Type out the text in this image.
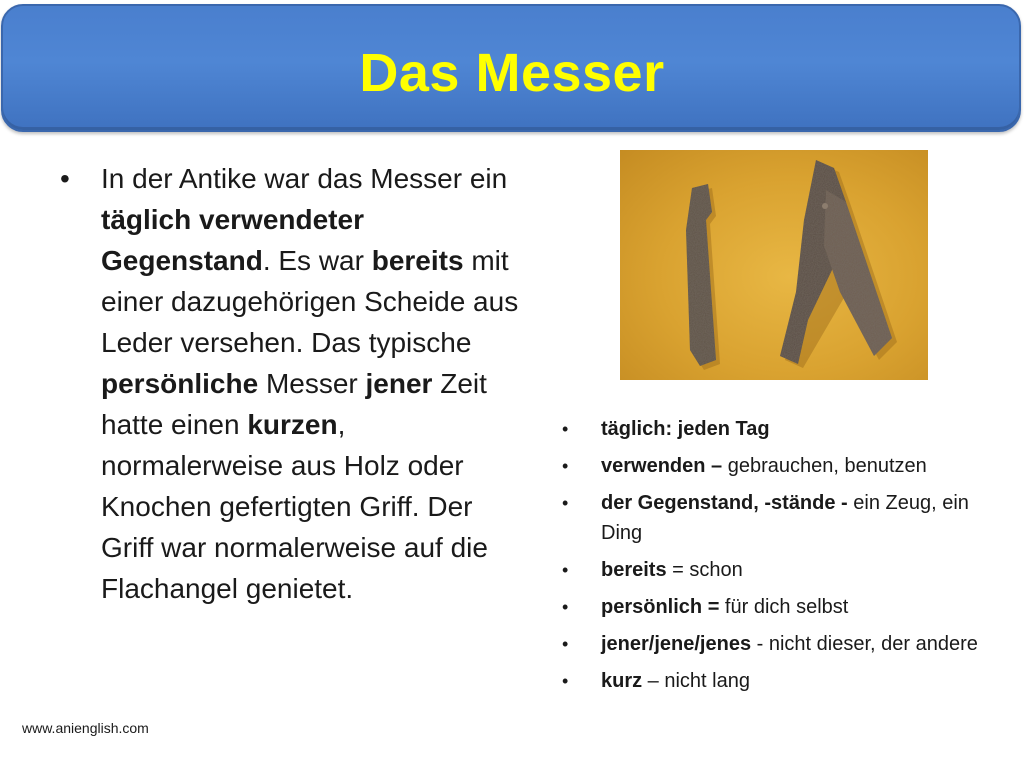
Das Messer
• In der Antike war das Messer ein täglich verwendeter Gegenstand. Es war bereits mit einer dazugehörigen Scheide aus Leder versehen. Das typische persönliche Messer jener Zeit hatte einen kurzen, normalerweise aus Holz oder Knochen gefertigten Griff. Der Griff war normalerweise auf die Flachangel genietet.
• täglich: jeden Tag
• verwenden – gebrauchen, benutzen
• der Gegenstand, -stände - ein Zeug, ein Ding
• bereits = schon
• persönlich = für dich selbst
• jener/jene/jenes - nicht dieser, der andere
• kurz – nicht lang
www.anienglish.com
